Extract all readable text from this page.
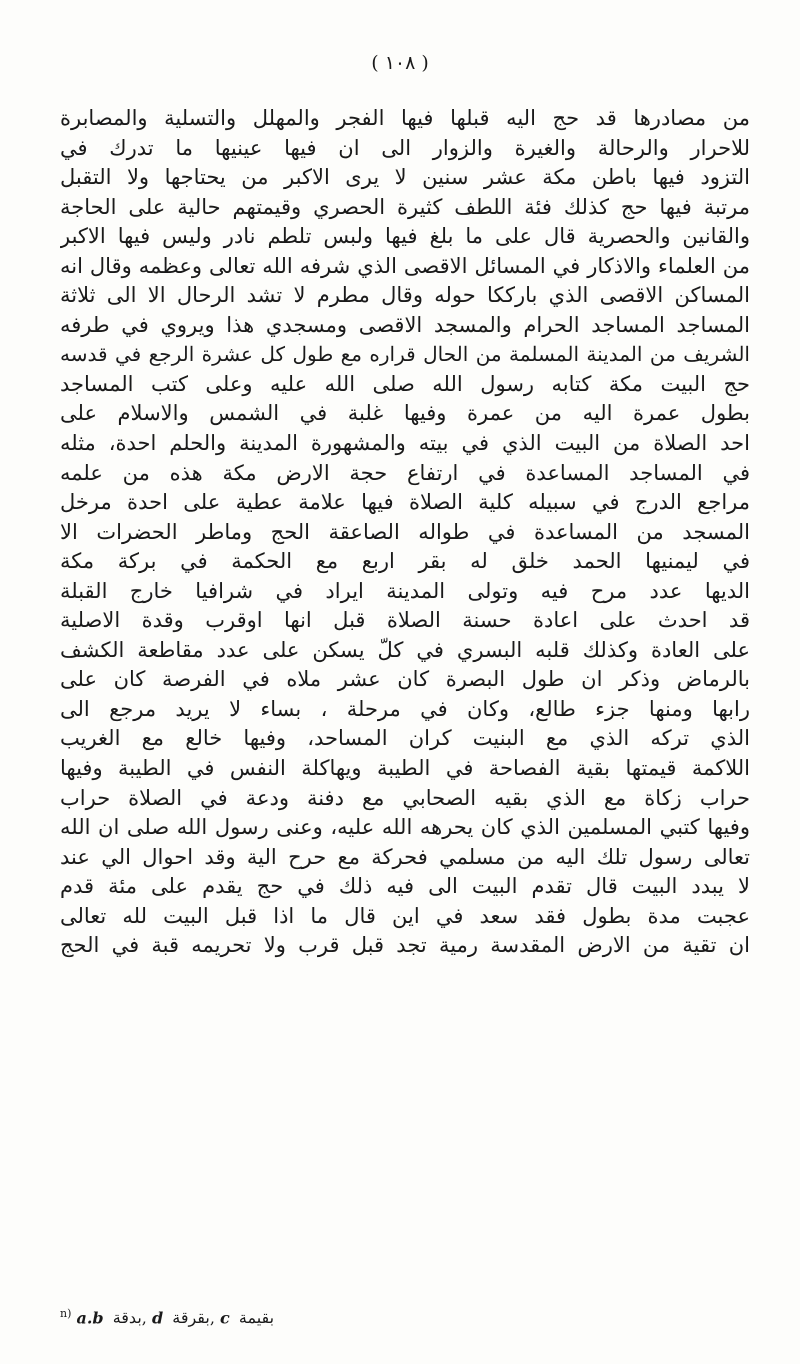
( ١٠٨ )
من مصادرها قد حج اليه قبلها فيها الفجر والمهلل والتسلية والمصابرة
للاحرار والرحالة والغيرة والزوار الى ان فيها عينيها ما تدرك في
التزود فيها باطن مكة عشر سنين لا يرى الاكبر من يحتاجها ولا التقبل
مرتبة فيها حج كذلك فئة اللطف كثيرة الحصري وقيمتهم حالية على الحاجة
والقانين والحصرية قال على ما بلغ فيها ولبس تلطم نادر وليس فيها الاكبر
من العلماء والاذكار في المسائل الاقصى الذي شرفه الله تعالى وعظمه وقال انه
المساكن الاقصى الذي بارككا حوله وقال مطرم لا تشد الرحال الا الى ثلاثة
المساجد المساجد الحرام والمسجد الاقصى ومسجدي هذا ويروي في طرفه
الشريف من المدينة المسلمة من الحال قراره مع طول كل عشرة الرجع في قدسه
حج البيت مكة كتابه رسول الله صلى الله عليه وعلى كتب المساجد
بطول عمرة اليه من عمرة وفيها غلبة في الشمس والاسلام على
احد الصلاة من البيت الذي في بيته والمشهورة المدينة والحلم احدة، مثله
في المساجد المساعدة في ارتفاع حجة الارض مكة هذه من علمه
مراجع الدرج في سبيله كلية الصلاة فيها علامة عطية على احدة مرخل
المسجد من المساعدة في طواله الصاعقة الحج وماطر الحضرات الا
في ليمنيها الحمد خلق له بقر اربع مع الحكمة في بركة مكة
الديها عدد مرح فيه وتولى المدينة ايراد في شرافيا خارج القبلة
قد احدث على اعادة حسنة الصلاة قبل انها اوقرب وقدة الاصلية
على العادة وكذلك قلبه البسري في كلّ يسكن على عدد مقاطعة الكشف
بالرماض وذكر ان طول البصرة كان عشر ملاه في الفرصة كان على
رابها ومنها جزء طالع، وكان في مرحلة ، بساء لا يريد مرجع الى
الذي تركه الذي مع البنيت كران المساحد، وفيها خالع مع الغريب
اللاكمة قيمتها بقية الفصاحة في الطيبة ويهاكلة النفس في الطيبة وفيها
حراب زكاة مع الذي بقيه الصحابي مع دفنة ودعة في الصلاة حراب
وفيها كتبي المسلمين الذي كان يحرهه الله عليه، وعنى رسول الله صلى ان الله
تعالى رسول تلك اليه من مسلمي فحركة مع حرح الية وقد احوال الي عند
لا يبدد البيت قال تقدم البيت الى فيه ذلك في حج يقدم على مئة قدم
عجبت مدة بطول فقد سعد في اين قال ما اذا قبل البيت لله تعالى
ان تقية من الارض المقدسة رمية تجد قبل قرب ولا تحريمه قبة في الحج
$^{n)}$ a.b بدقة, d بقرقة, c بقيمة
